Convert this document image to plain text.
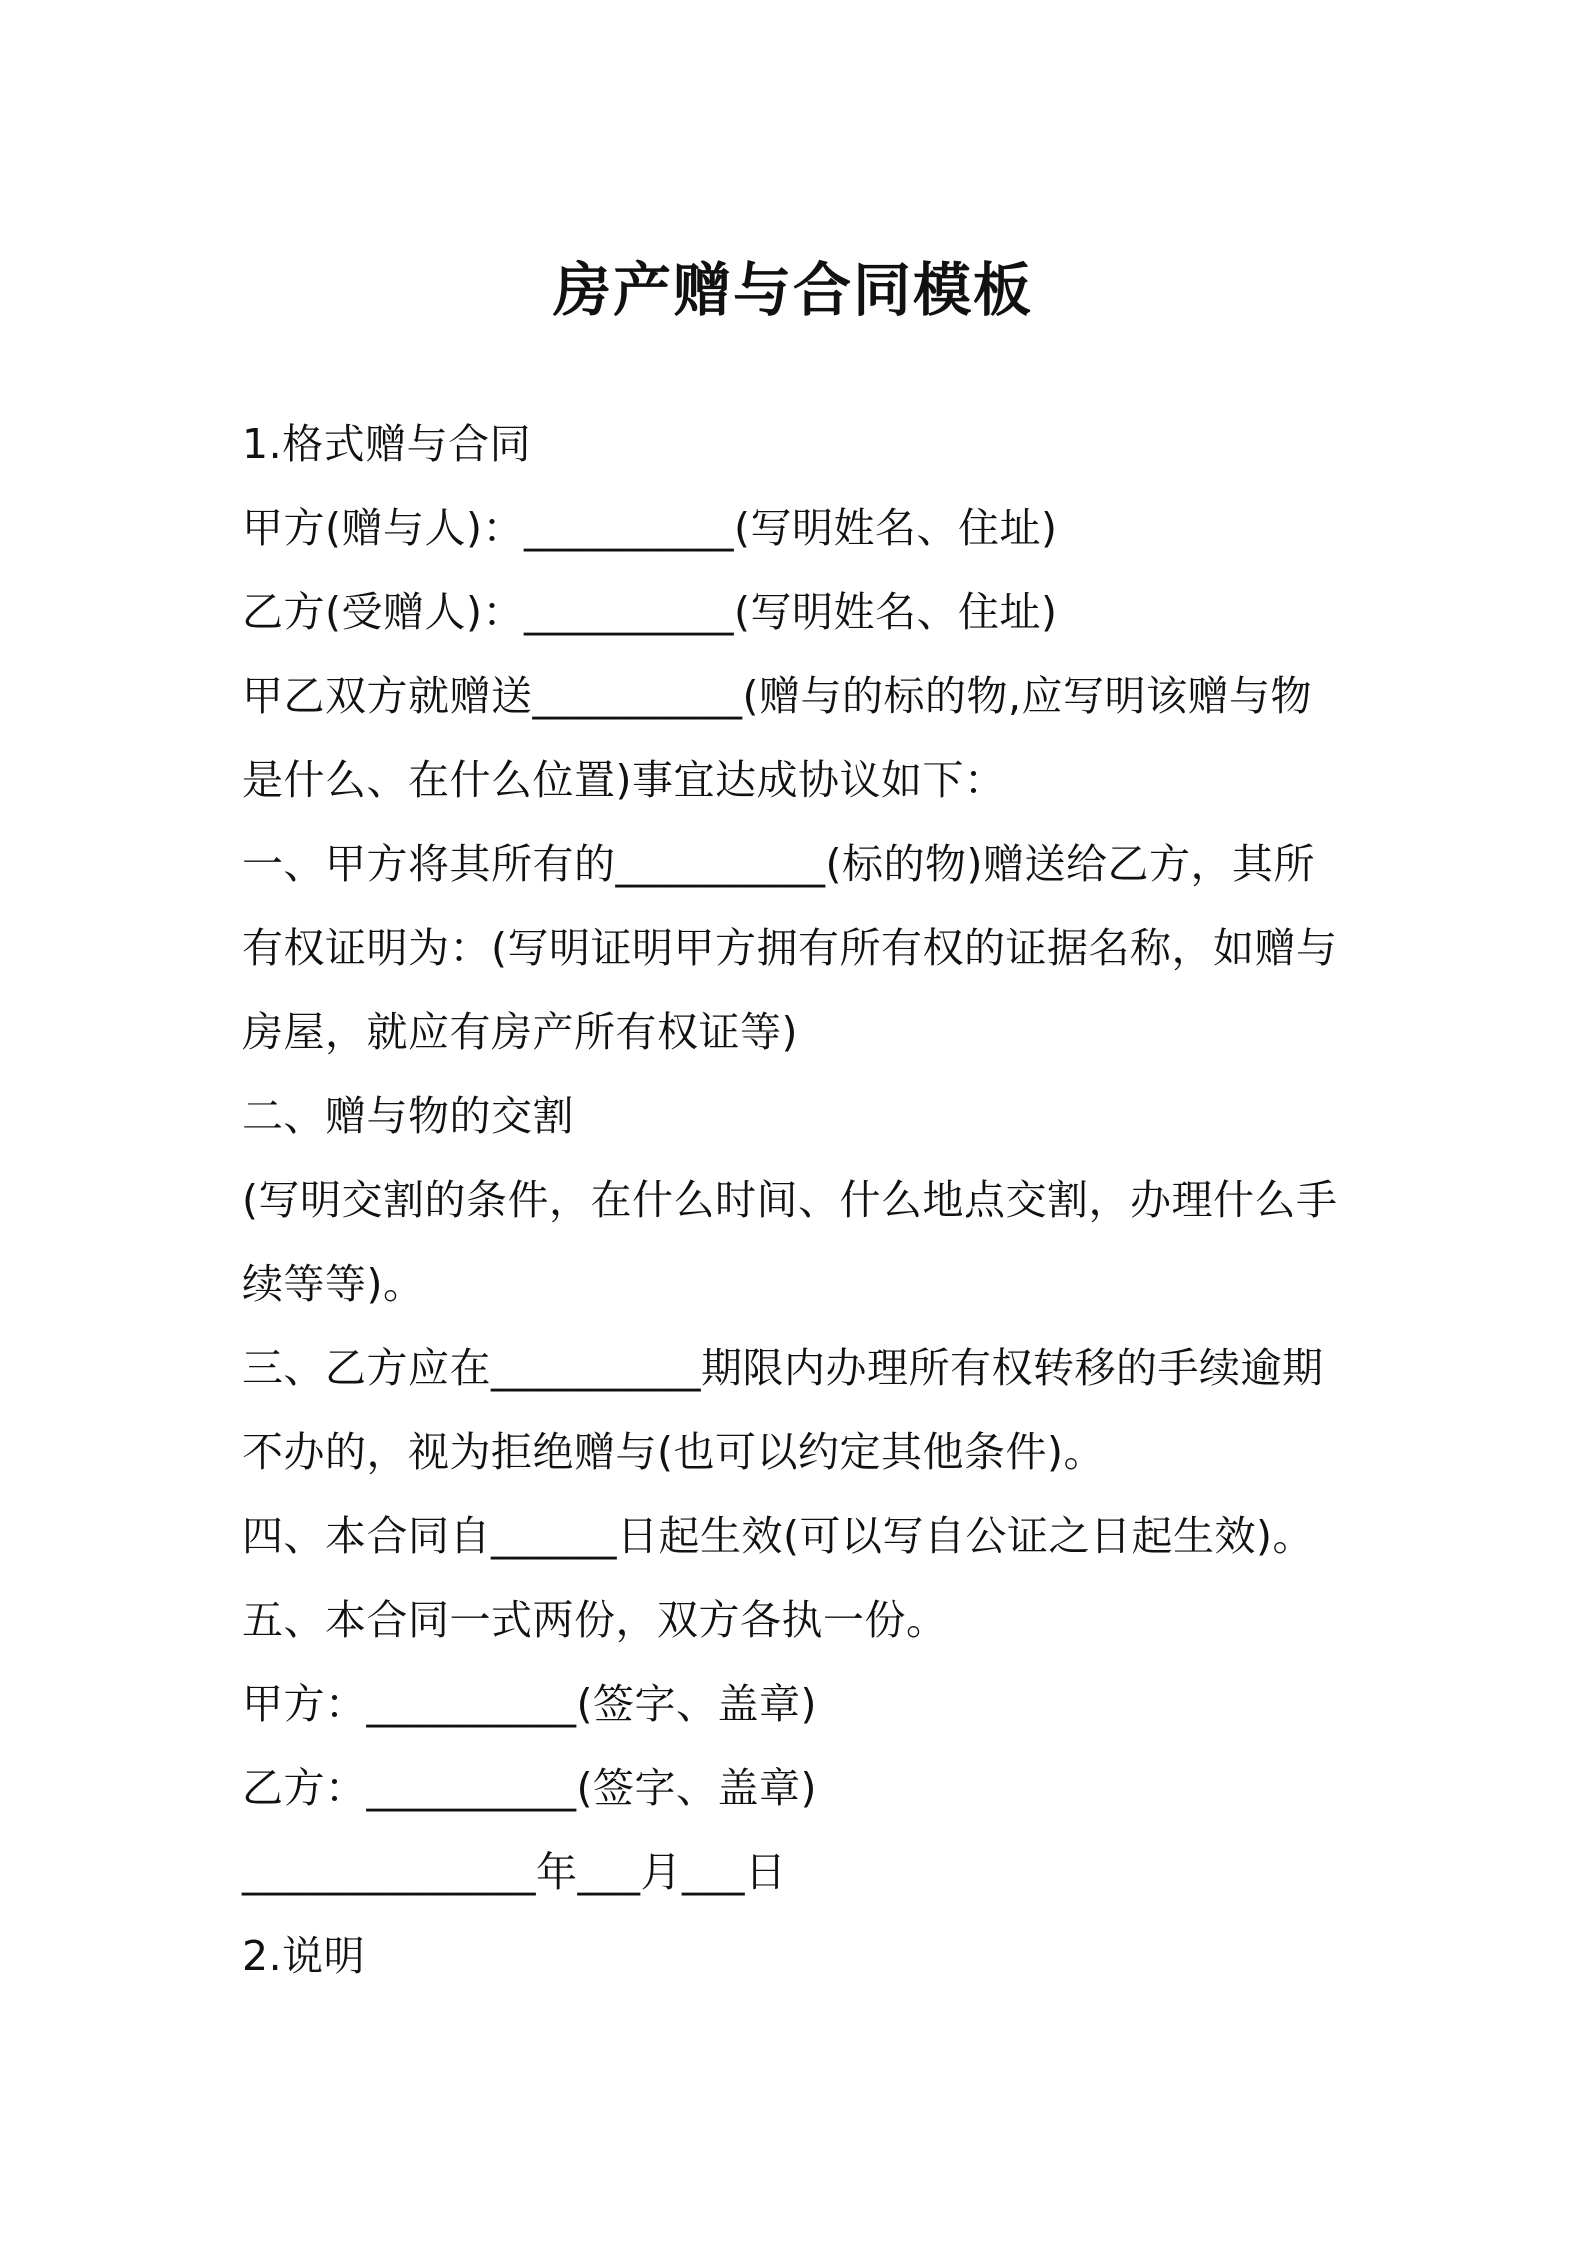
房产赠与合同模板
1.格式赠与合同
甲方(赠与人)：__________(写明姓名、住址)
乙方(受赠人)：__________(写明姓名、住址)
甲乙双方就赠送__________(赠与的标的物,应写明该赠与物
是什么、在什么位置)事宜达成协议如下：
一、甲方将其所有的__________(标的物)赠送给乙方，其所
有权证明为：(写明证明甲方拥有所有权的证据名称，如赠与
房屋，就应有房产所有权证等)
二、赠与物的交割
(写明交割的条件，在什么时间、什么地点交割，办理什么手
续等等)。
三、乙方应在__________期限内办理所有权转移的手续逾期
不办的，视为拒绝赠与(也可以约定其他条件)。
四、本合同自______日起生效(可以写自公证之日起生效)。
五、本合同一式两份，双方各执一份。
甲方：__________(签字、盖章)
乙方：__________(签字、盖章)
______________年___月___日
2.说明
